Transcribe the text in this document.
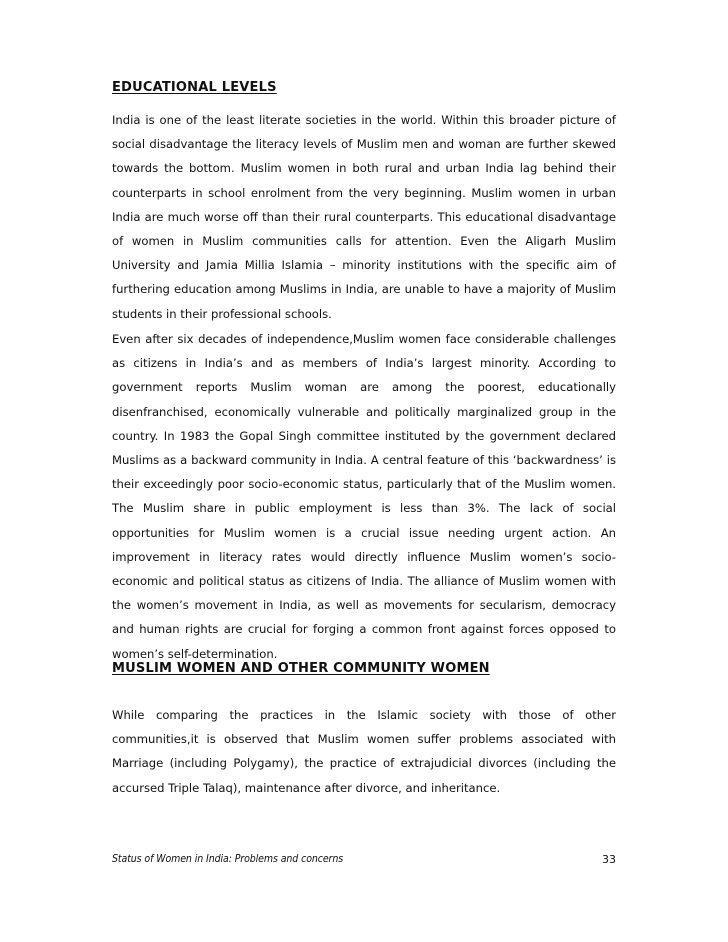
EDUCATIONAL LEVELS

India is one of the least literate societies in the world. Within this broader picture of social disadvantage the literacy levels of Muslim men and woman are further skewed towards the bottom. Muslim women in both rural and urban India lag behind their counterparts in school enrolment from the very beginning. Muslim women in urban India are much worse off than their rural counterparts. This educational disadvantage of women in Muslim communities calls for attention. Even the Aligarh Muslim University and Jamia Millia Islamia – minority institutions with the specific aim of furthering education among Muslims in India, are unable to have a majority of Muslim students in their professional schools.

Even after six decades of independence,Muslim women face considerable challenges as citizens in India’s and as members of India’s largest minority. According to government reports Muslim woman are among the poorest, educationally disenfranchised, economically vulnerable and politically marginalized group in the country. In 1983 the Gopal Singh committee instituted by the government declared Muslims as a backward community in India. A central feature of this ‘backwardness’ is their exceedingly poor socio-economic status, particularly that of the Muslim women. The Muslim share in public employment is less than 3%. The lack of social opportunities for Muslim women is a crucial issue needing urgent action. An improvement in literacy rates would directly influence Muslim women’s socio-economic and political status as citizens of India. The alliance of Muslim women with the women’s movement in India, as well as movements for secularism, democracy and human rights are crucial for forging a common front against forces opposed to women’s self-determination.

MUSLIM WOMEN AND OTHER COMMUNITY WOMEN

While comparing the practices in the Islamic society with those of other communities,it is observed that Muslim women suffer problems associated with Marriage (including Polygamy), the practice of extrajudicial divorces (including the accursed Triple Talaq), maintenance after divorce, and inheritance.

Status of Women in India: Problems and concerns	33
